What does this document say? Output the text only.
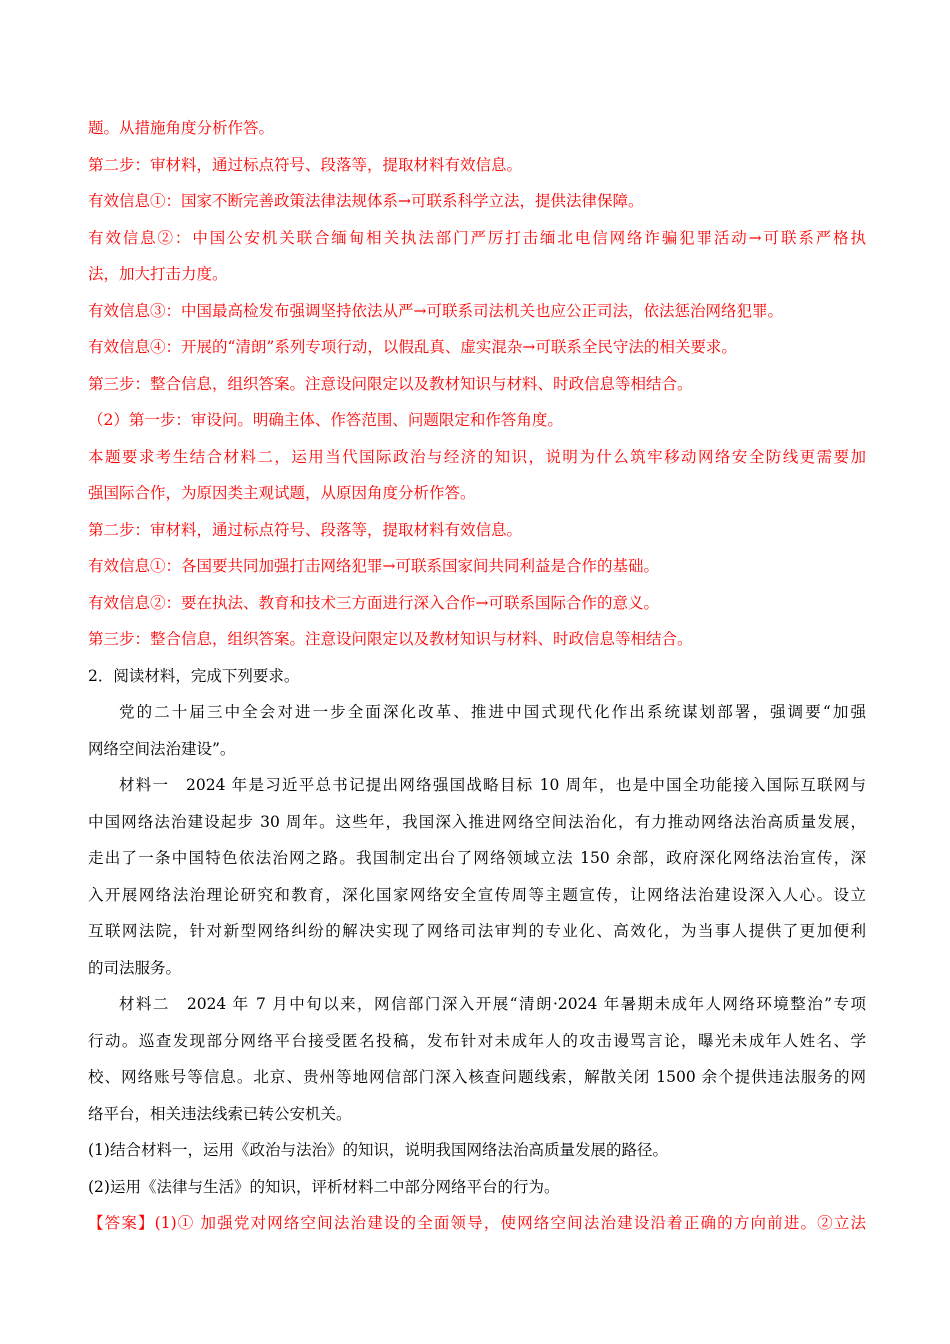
题。从措施角度分析作答。
第二步：审材料，通过标点符号、段落等，提取材料有效信息。
有效信息①：国家不断完善政策法律法规体系→可联系科学立法，提供法律保障。
有效信息②：中国公安机关联合缅甸相关执法部门严厉打击缅北电信网络诈骗犯罪活动→可联系严格执
法，加大打击力度。
有效信息③：中国最高检发布强调坚持依法从严→可联系司法机关也应公正司法，依法惩治网络犯罪。
有效信息④：开展的“清朗”系列专项行动，以假乱真、虚实混杂→可联系全民守法的相关要求。
第三步：整合信息，组织答案。注意设问限定以及教材知识与材料、时政信息等相结合。
（2）第一步：审设问。明确主体、作答范围、问题限定和作答角度。
本题要求考生结合材料二，运用当代国际政治与经济的知识，说明为什么筑牢移动网络安全防线更需要加
强国际合作，为原因类主观试题，从原因角度分析作答。
第二步：审材料，通过标点符号、段落等，提取材料有效信息。
有效信息①：各国要共同加强打击网络犯罪→可联系国家间共同利益是合作的基础。
有效信息②：要在执法、教育和技术三方面进行深入合作→可联系国际合作的意义。
第三步：整合信息，组织答案。注意设问限定以及教材知识与材料、时政信息等相结合。
2．阅读材料，完成下列要求。
党的二十届三中全会对进一步全面深化改革、推进中国式现代化作出系统谋划部署，强调要“加强
网络空间法治建设”。
材料一　2024 年是习近平总书记提出网络强国战略目标 10 周年，也是中国全功能接入国际互联网与
中国网络法治建设起步 30 周年。这些年，我国深入推进网络空间法治化，有力推动网络法治高质量发展，
走出了一条中国特色依法治网之路。我国制定出台了网络领域立法 150 余部，政府深化网络法治宣传，深
入开展网络法治理论研究和教育，深化国家网络安全宣传周等主题宣传，让网络法治建设深入人心。设立
互联网法院，针对新型网络纠纷的解决实现了网络司法审判的专业化、高效化，为当事人提供了更加便利
的司法服务。
材料二　2024 年 7 月中旬以来，网信部门深入开展“清朗·2024 年暑期未成年人网络环境整治”专项
行动。巡查发现部分网络平台接受匿名投稿，发布针对未成年人的攻击谩骂言论，曝光未成年人姓名、学
校、网络账号等信息。北京、贵州等地网信部门深入核查问题线索，解散关闭 1500 余个提供违法服务的网
络平台，相关违法线索已转公安机关。
(1)结合材料一，运用《政治与法治》的知识，说明我国网络法治高质量发展的路径。
(2)运用《法律与生活》的知识，评析材料二中部分网络平台的行为。
【答案】(1)① 加强党对网络空间法治建设的全面领导，使网络空间法治建设沿着正确的方向前进。②立法
